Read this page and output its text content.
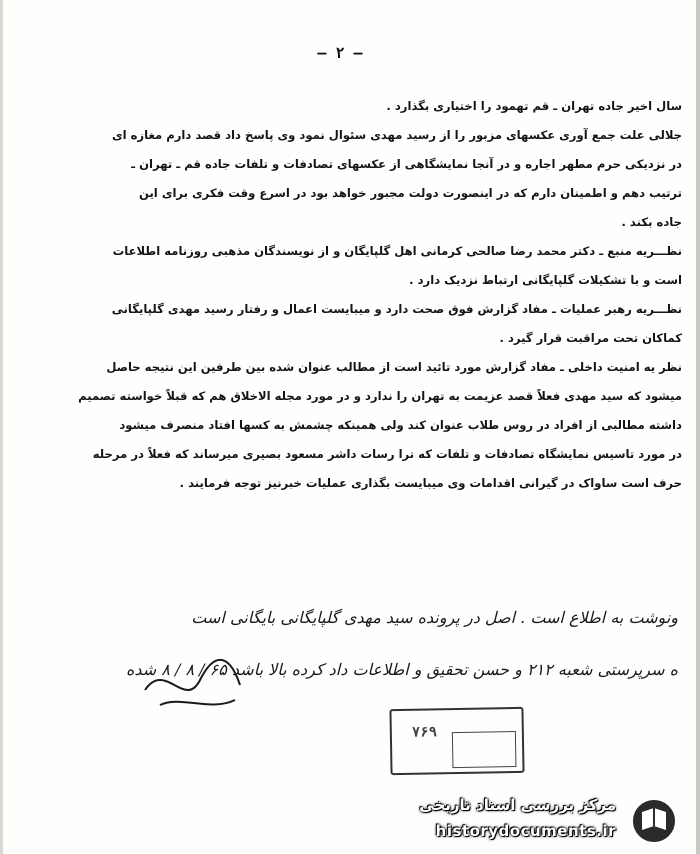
— ۲ —
سال اخیر جاده تهران ـ قم تهمود را اختیاری بگذارد .
جلالی علت جمع آوری عکسهای مزبور را از رسید مهدی سئوال نمود وی پاسخ داد قصد دارم مغازه ای
در نزدیکی حرم مطهر اجاره و در آنجا نمایشگاهی از عکسهای تصادفات و تلفات جاده قم ـ تهران ـ
ترتیب دهم و اطمینان دارم که در اینصورت دولت مجبور خواهد بود در اسرع وقت فکری برای این
جاده بکند .
نظـــریه منبع ـ دکتر محمد رضا صالحی کرمانی اهل گلپایگان و از نویسندگان مذهبی روزنامه اطلاعات
است و با تشکیلات گلپایگانی ارتباط نزدیک دارد .
نظـــریه رهبر عملیات ـ مفاد گزارش فوق صحت دارد و میبایست اعمال و رفتار رسید مهدی گلپایگانی
کماکان تحت مراقبت قرار گیرد .
نظر یه امنیت داخلی ـ مفاد گزارش مورد تائید است از مطالب عنوان شده بین طرفین این نتیجه حاصل
میشود که سید مهدی فعلاً قصد عزیمت به تهران را ندارد و در مورد مجله الاخلاق هم که قبلاً خواسته تصمیم
داشته مطالبی از افراد در روس طلاب عنوان کند ولی همینکه چشمش به کسها افتاد منصرف میشود
در مورد تاسیس نمایشگاه تصادفات و تلفات که ترا رسات داشر مسعود بصیری میرساند که فعلاً در مرحله
حرف است ساواک در گیرانی اقدامات وی میبایست بگذاری عملیات خبرنیز توجه فرمایند .
ونوشت به اطلاع است . اصل در پرونده سید مهدی گلپایگانی بایگانی است
ه سرپرستی شعبه ۲۱۲ و حسن تحقیق و اطلاعات داد کرده بالا باشد ۶۵ / ۸ / ۸ شده
۷۶۹
مرکز بررسی اسناد تاریخی
historydocuments.ir
